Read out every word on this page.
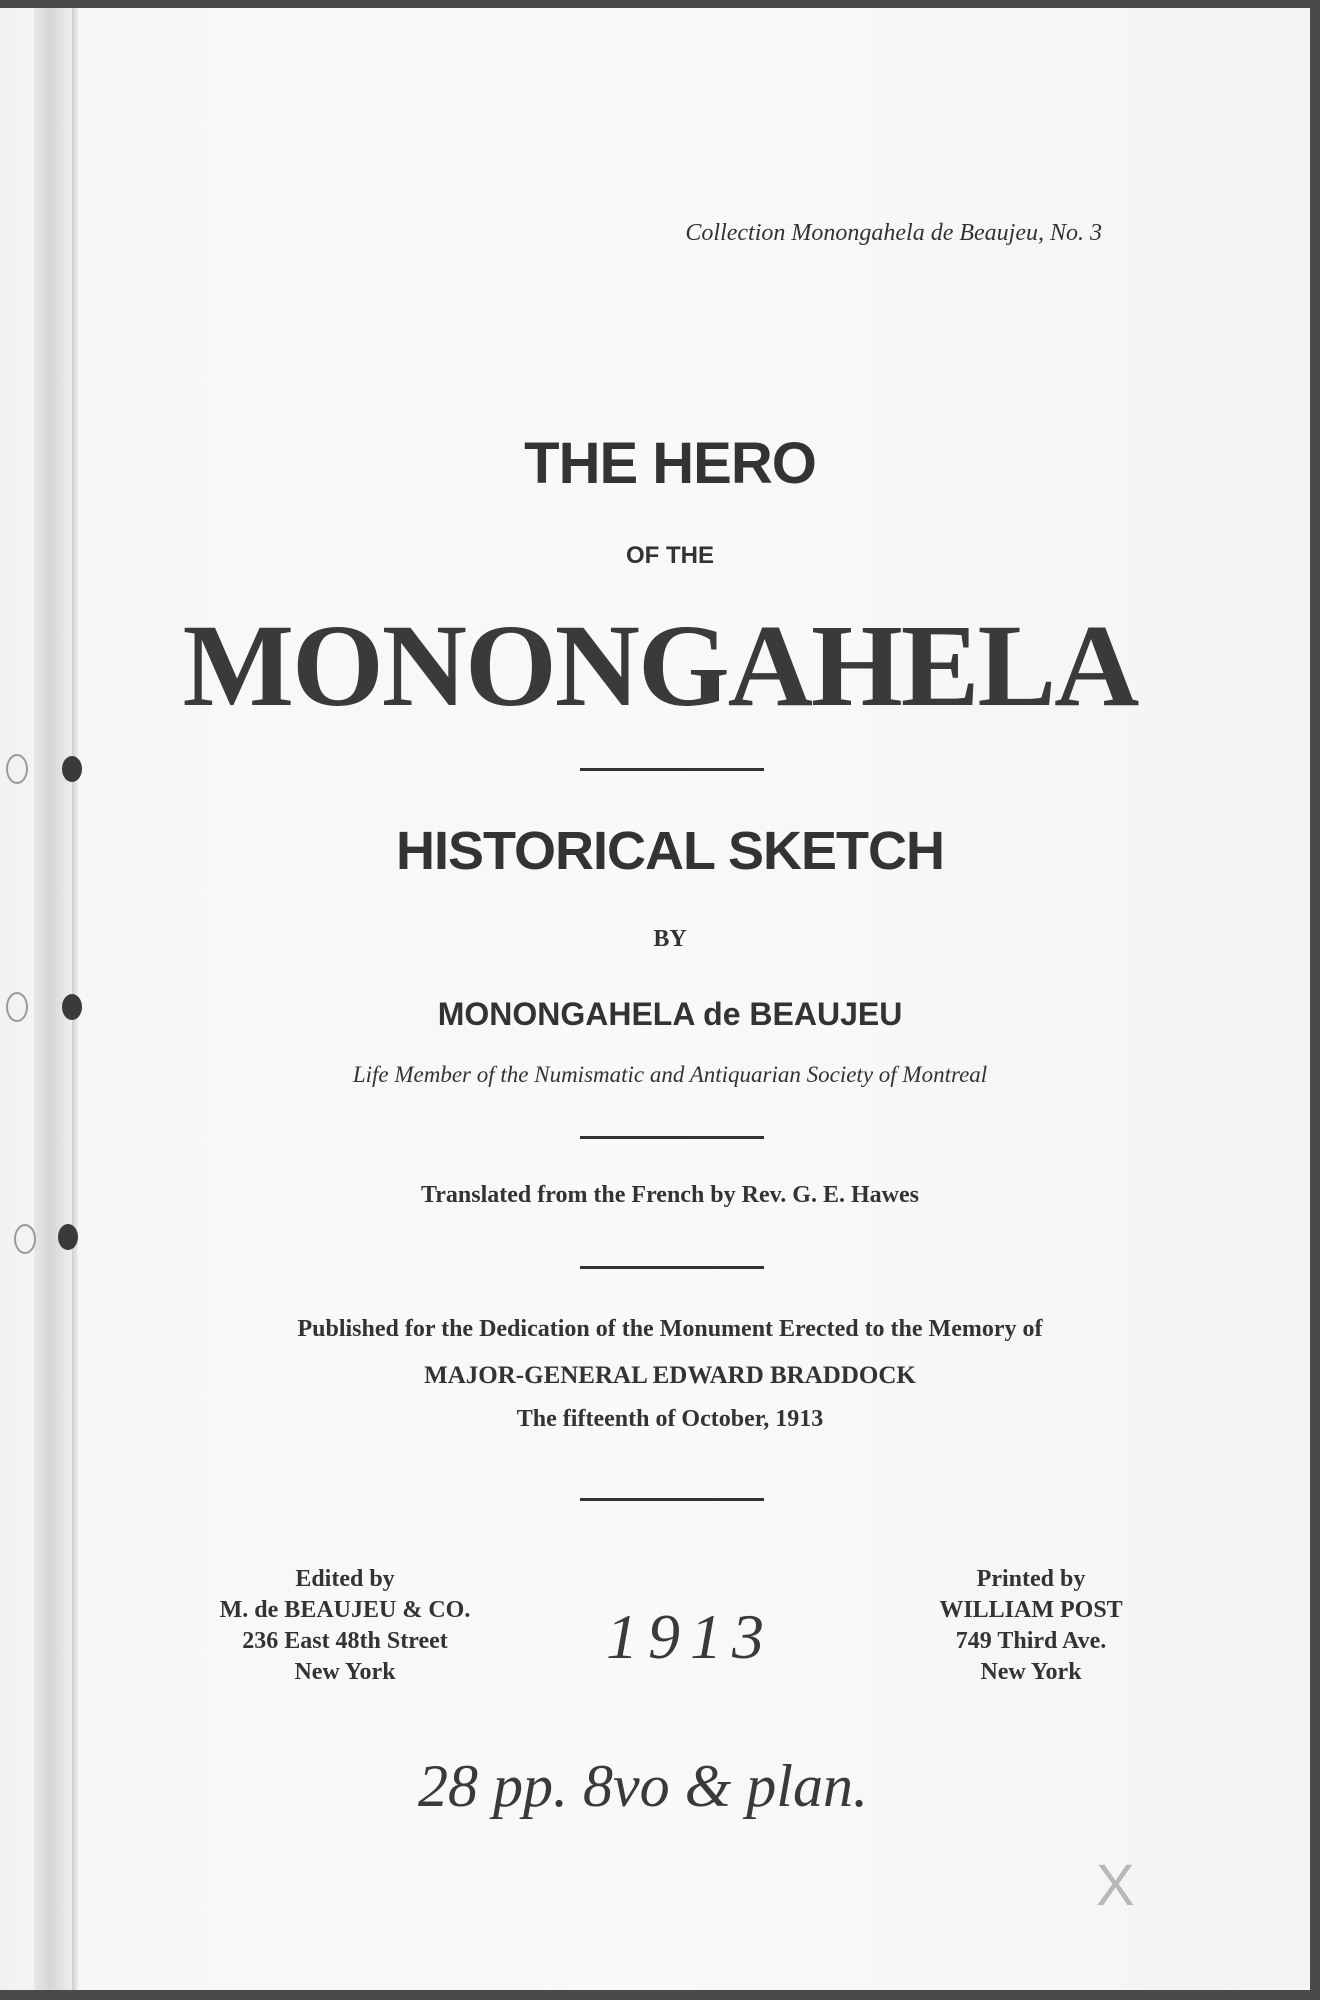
Collection Monongahela de Beaujeu, No. 3
THE HERO
OF THE
MONONGAHELA
HISTORICAL SKETCH
BY
MONONGAHELA de BEAUJEU
Life Member of the Numismatic and Antiquarian Society of Montreal
Translated from the French by Rev. G. E. Hawes
Published for the Dedication of the Monument Erected to the Memory of
MAJOR-GENERAL EDWARD BRADDOCK
The fifteenth of October, 1913
Edited by
M. de BEAUJEU & CO.
236 East 48th Street
New York
Printed by
WILLIAM POST
749 Third Ave.
New York
1913
28 pp. 8vo & plan.
X
